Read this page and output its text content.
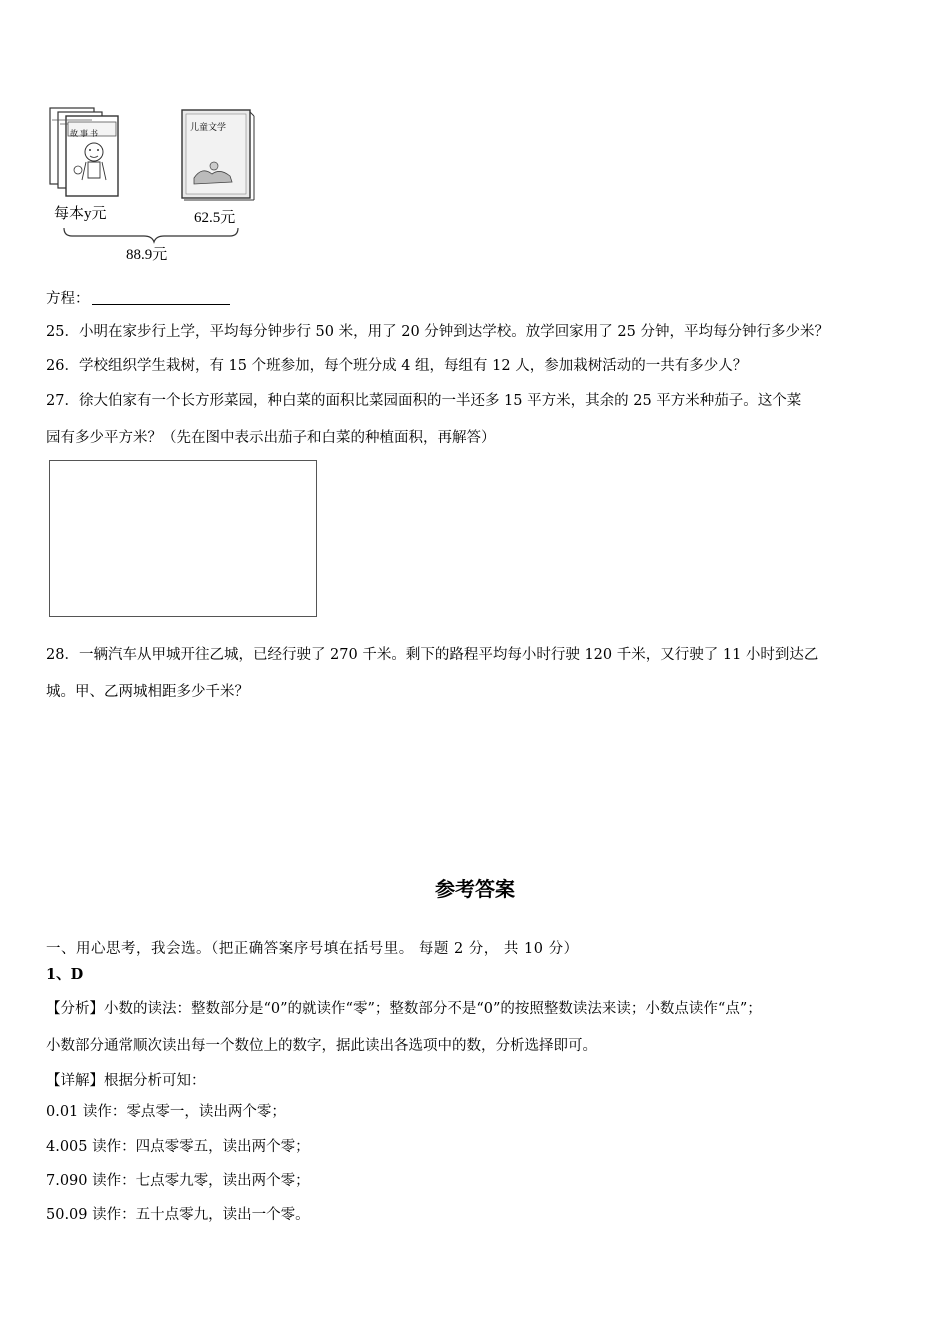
故 事 书
儿童文学
每本y元	62.5元
88.9元
方程：
25．小明在家步行上学，平均每分钟步行 50 米，用了 20 分钟到达学校。放学回家用了 25 分钟，平均每分钟行多少米？
26．学校组织学生栽树，有 15 个班参加，每个班分成 4 组，每组有 12 人，参加栽树活动的一共有多少人？
27．徐大伯家有一个长方形菜园，种白菜的面积比菜园面积的一半还多 15 平方米，其余的 25 平方米种茄子。这个菜
园有多少平方米？（先在图中表示出茄子和白菜的种植面积，再解答）
28．一辆汽车从甲城开往乙城，已经行驶了 270 千米。剩下的路程平均每小时行驶 120 千米，又行驶了 11 小时到达乙
城。甲、乙两城相距多少千米？
参考答案
一、用心思考，我会选。（把正确答案序号填在括号里。 每题 2 分， 共 10 分）
1、D
【分析】小数的读法：整数部分是“0”的就读作“零”；整数部分不是“0”的按照整数读法来读；小数点读作“点”；
小数部分通常顺次读出每一个数位上的数字，据此读出各选项中的数，分析选择即可。
【详解】根据分析可知：
0.01 读作：零点零一，读出两个零；
4.005 读作：四点零零五，读出两个零；
7.090 读作：七点零九零，读出两个零；
50.09 读作：五十点零九，读出一个零。
